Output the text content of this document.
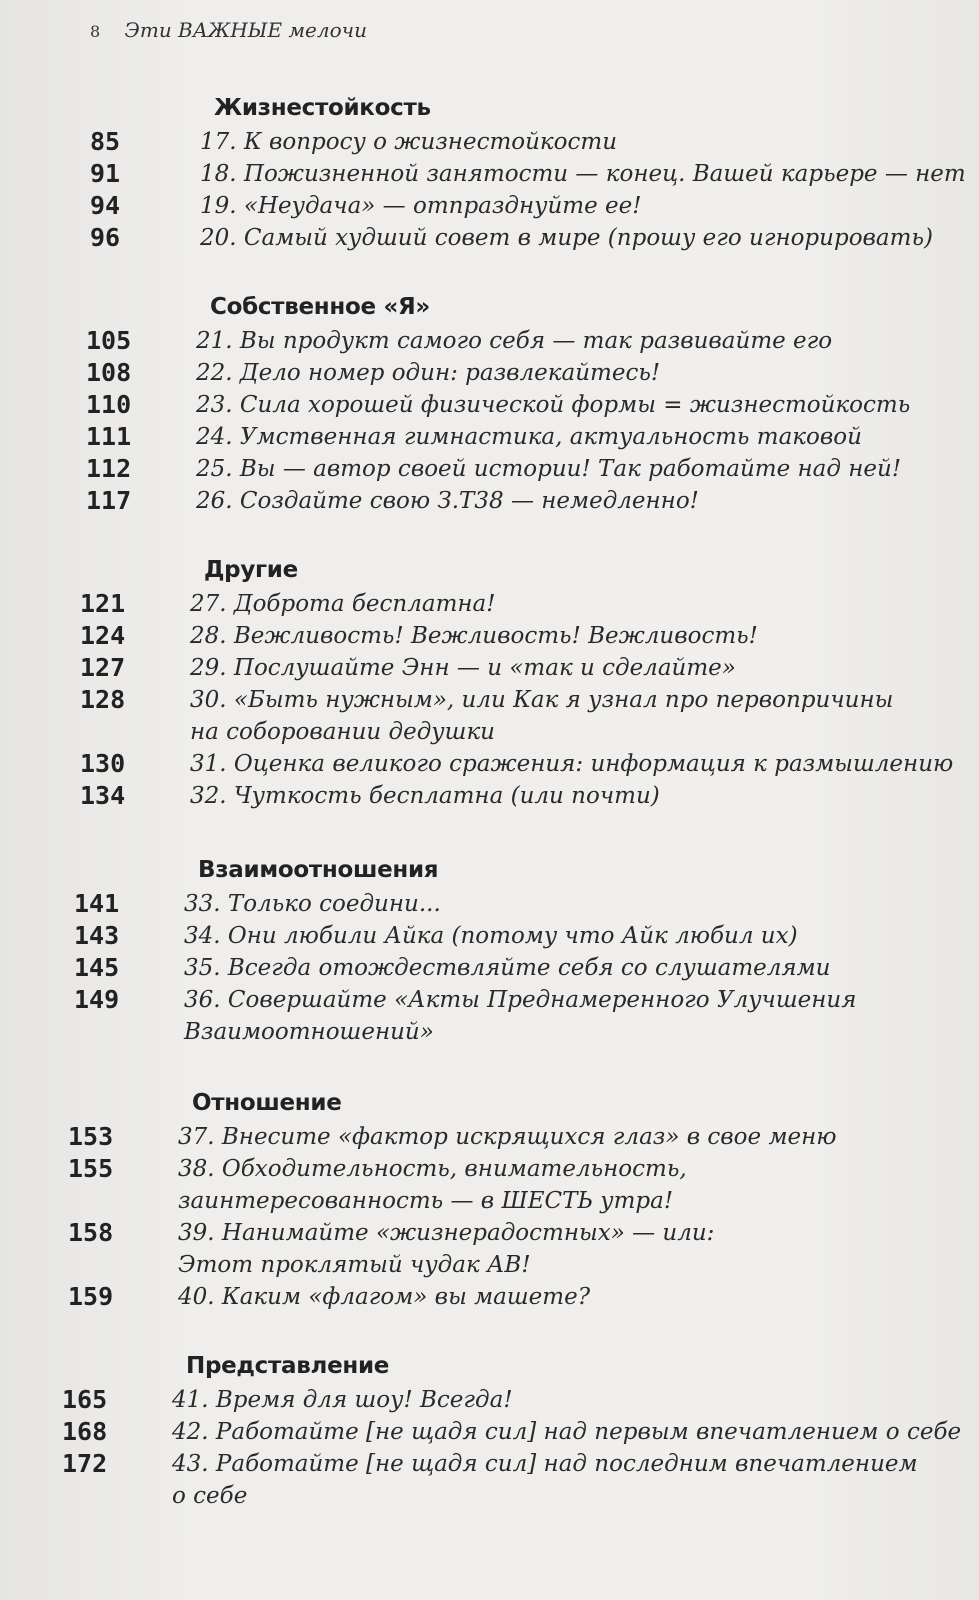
8 Эти ВАЖНЫЕ мелочи
Жизнестойкость
85	17. К вопросу о жизнестойкости
91	18. Пожизненной занятости — конец. Вашей карьере — нет
94	19. «Неудача» — отпразднуйте ее!
96	20. Самый худший совет в мире (прошу его игнорировать)
Собственное «Я»
105	21. Вы продукт самого себя — так развивайте его
108	22. Дело номер один: развлекайтесь!
110	23. Сила хорошей физической формы = жизнестойкость
111	24. Умственная гимнастика, актуальность таковой
112	25. Вы — автор своей истории! Так работайте над ней!
117	26. Создайте свою З.Т38 — немедленно!
Другие
121	27. Доброта бесплатна!
124	28. Вежливость! Вежливость! Вежливость!
127	29. Послушайте Энн — и «так и сделайте»
128	30. «Быть нужным», или Как я узнал про первопричины
на соборовании дедушки
130	31. Оценка великого сражения: информация к размышлению
134	32. Чуткость бесплатна (или почти)
Взаимоотношения
141	33. Только соедини...
143	34. Они любили Айка (потому что Айк любил их)
145	35. Всегда отождествляйте себя со слушателями
149	36. Совершайте «Акты Преднамеренного Улучшения
Взаимоотношений»
Отношение
153	37. Внесите «фактор искрящихся глаз» в свое меню
155	38. Обходительность, внимательность,
заинтересованность — в ШЕСТЬ утра!
158	39. Нанимайте «жизнерадостных» — или:
Этот проклятый чудак АВ!
159	40. Каким «флагом» вы машете?
Представление
165	41. Время для шоу! Всегда!
168	42. Работайте [не щадя сил] над первым впечатлением о себе
172	43. Работайте [не щадя сил] над последним впечатлением
о себе
